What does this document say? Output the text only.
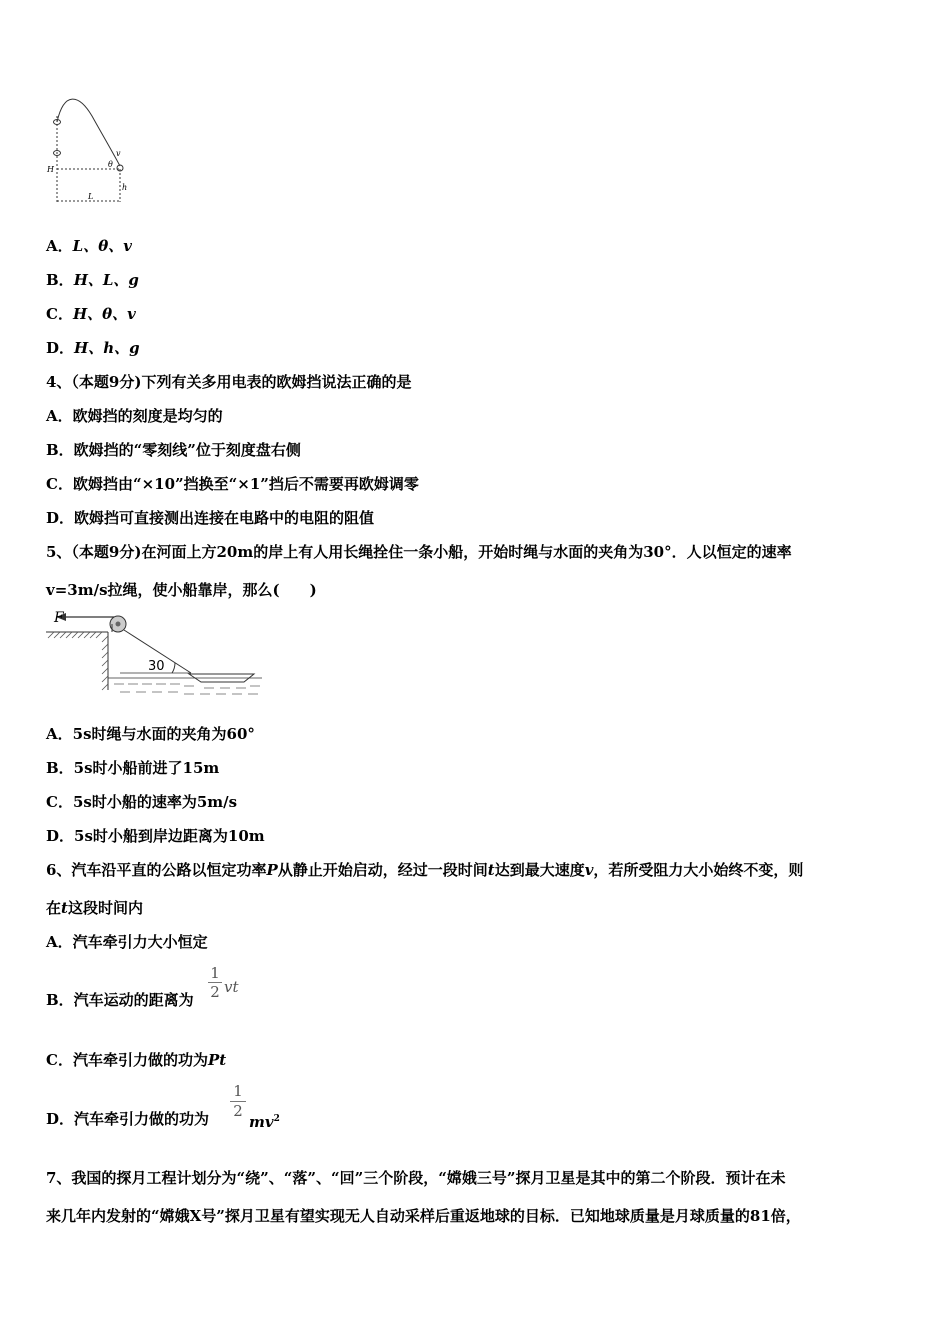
v
θ
H
h
L
A．L、θ、v
B．H、L、g
C．H、θ、v
D．H、h、g
4、（本题9分)下列有关多用电表的欧姆挡说法正确的是
A．欧姆挡的刻度是均匀的
B．欧姆挡的“零刻线”位于刻度盘右侧
C．欧姆挡由“×10”挡换至“×1”挡后不需要再欧姆调零
D．欧姆挡可直接测出连接在电路中的电阻的阻值
5、（本题9分)在河面上方20m的岸上有人用长绳拴住一条小船，开始时绳与水面的夹角为30°．人以恒定的速率
v=3m/s拉绳，使小船靠岸，那么(　　)
F
30
A．5s时绳与水面的夹角为60°
B．5s时小船前进了15m
C．5s时小船的速率为5m/s
D．5s时小船到岸边距离为10m
6、汽车沿平直的公路以恒定功率P从静止开始启动，经过一段时间t达到最大速度v，若所受阻力大小始终不变，则
在t这段时间内
A．汽车牵引力大小恒定
B．汽车运动的距离为
1
2 vt
C．汽车牵引力做的功为Pt
D．汽车牵引力做的功为
1
2
$mv^2$
7、我国的探月工程计划分为“绕”、“落”、“回”三个阶段，“嫦娥三号”探月卫星是其中的第二个阶段．预计在未
来几年内发射的“嫦娥X号”探月卫星有望实现无人自动采样后重返地球的目标．已知地球质量是月球质量的81倍，
